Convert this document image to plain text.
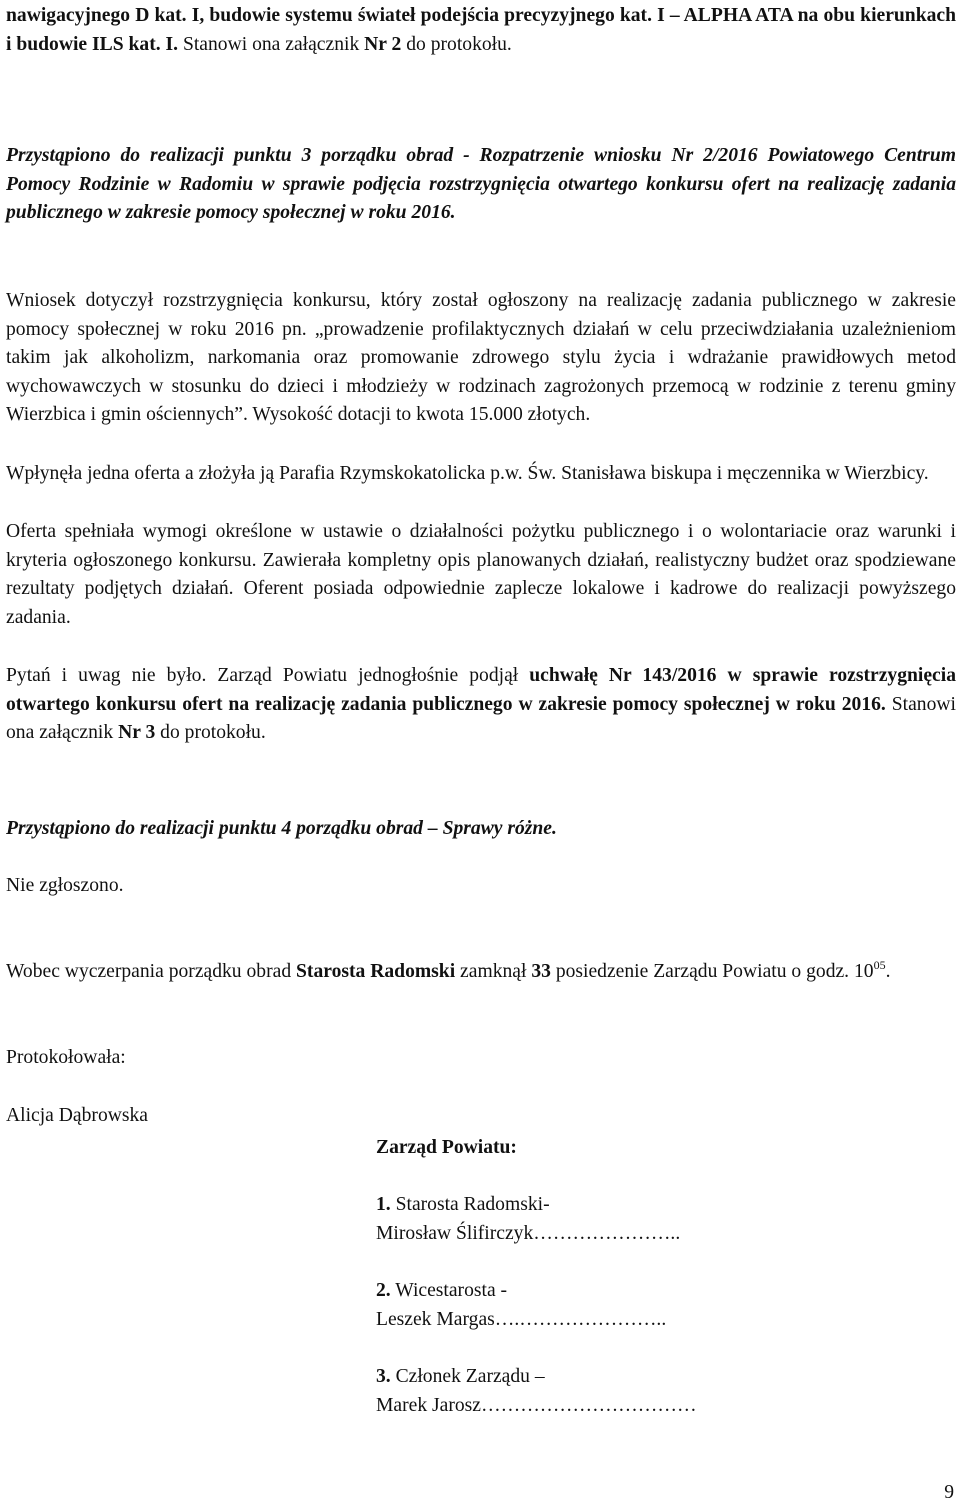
nawigacyjnego D kat. I, budowie systemu świateł podejścia precyzyjnego kat. I – ALPHA ATA na obu kierunkach i budowie ILS kat. I. Stanowi ona załącznik Nr 2 do protokołu.

Przystąpiono do realizacji punktu 3 porządku obrad - Rozpatrzenie wniosku Nr 2/2016 Powiatowego Centrum Pomocy Rodzinie w Radomiu w sprawie podjęcia rozstrzygnięcia otwartego konkursu ofert na realizację zadania publicznego w zakresie pomocy społecznej w roku 2016.

Wniosek dotyczył rozstrzygnięcia konkursu, który został ogłoszony na realizację zadania publicznego w zakresie pomocy społecznej w roku 2016 pn. „prowadzenie profilaktycznych działań w celu przeciwdziałania uzależnieniom takim jak alkoholizm, narkomania oraz promowanie zdrowego stylu życia i wdrażanie prawidłowych metod wychowawczych w stosunku do dzieci i młodzieży w rodzinach zagrożonych przemocą w rodzinie z terenu gminy Wierzbica i gmin ościennych”. Wysokość dotacji to kwota 15.000 złotych.

Wpłynęła jedna oferta a złożyła ją Parafia Rzymskokatolicka p.w. Św. Stanisława biskupa i męczennika w Wierzbicy.

Oferta spełniała wymogi określone w ustawie o działalności pożytku publicznego i o wolontariacie oraz warunki i kryteria ogłoszonego konkursu. Zawierała kompletny opis planowanych działań, realistyczny budżet oraz spodziewane rezultaty podjętych działań. Oferent posiada odpowiednie zaplecze lokalowe i kadrowe do realizacji powyższego zadania.

Pytań i uwag nie było. Zarząd Powiatu jednogłośnie podjął uchwałę Nr 143/2016 w sprawie rozstrzygnięcia otwartego konkursu ofert na realizację zadania publicznego w zakresie pomocy społecznej w roku 2016. Stanowi ona załącznik Nr 3 do protokołu.

Przystąpiono do realizacji punktu 4 porządku obrad – Sprawy różne.

Nie zgłoszono.

Wobec wyczerpania porządku obrad Starosta Radomski zamknął 33 posiedzenie Zarządu Powiatu o godz. $10^{05}$.

Protokołowała:

Alicja Dąbrowska

Zarząd Powiatu:

1. Starosta Radomski-

Mirosław Ślifirczyk…………………..

2. Wicestarosta -

Leszek Margas….…………………..

3. Członek Zarządu –

Marek Jarosz……………………………

9
